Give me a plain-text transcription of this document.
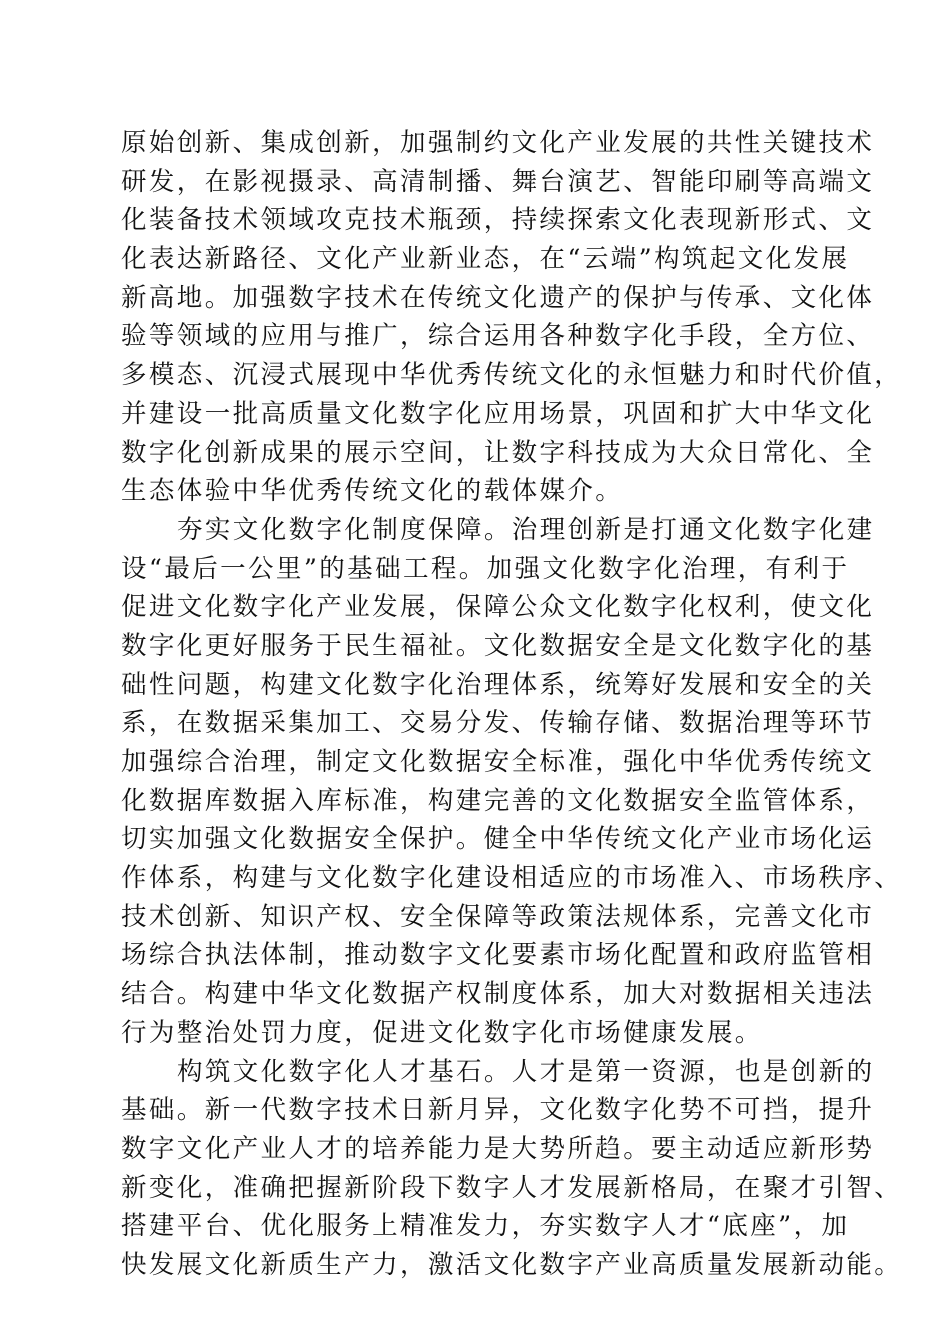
原始创新、集成创新，加强制约文化产业发展的共性关键技术
研发，在影视摄录、高清制播、舞台演艺、智能印刷等高端文
化装备技术领域攻克技术瓶颈，持续探索文化表现新形式、文
化表达新路径、文化产业新业态，在“云端”构筑起文化发展
新高地。加强数字技术在传统文化遗产的保护与传承、文化体
验等领域的应用与推广，综合运用各种数字化手段，全方位、
多模态、沉浸式展现中华优秀传统文化的永恒魅力和时代价值，
并建设一批高质量文化数字化应用场景，巩固和扩大中华文化
数字化创新成果的展示空间，让数字科技成为大众日常化、全
生态体验中华优秀传统文化的载体媒介。
夯实文化数字化制度保障。治理创新是打通文化数字化建
设“最后一公里”的基础工程。加强文化数字化治理，有利于
促进文化数字化产业发展，保障公众文化数字化权利，使文化
数字化更好服务于民生福祉。文化数据安全是文化数字化的基
础性问题，构建文化数字化治理体系，统筹好发展和安全的关
系，在数据采集加工、交易分发、传输存储、数据治理等环节
加强综合治理，制定文化数据安全标准，强化中华优秀传统文
化数据库数据入库标准，构建完善的文化数据安全监管体系，
切实加强文化数据安全保护。健全中华传统文化产业市场化运
作体系，构建与文化数字化建设相适应的市场准入、市场秩序、
技术创新、知识产权、安全保障等政策法规体系，完善文化市
场综合执法体制，推动数字文化要素市场化配置和政府监管相
结合。构建中华文化数据产权制度体系，加大对数据相关违法
行为整治处罚力度，促进文化数字化市场健康发展。
构筑文化数字化人才基石。人才是第一资源，也是创新的
基础。新一代数字技术日新月异，文化数字化势不可挡，提升
数字文化产业人才的培养能力是大势所趋。要主动适应新形势
新变化，准确把握新阶段下数字人才发展新格局，在聚才引智、
搭建平台、优化服务上精准发力，夯实数字人才“底座”，加
快发展文化新质生产力，激活文化数字产业高质量发展新动能。
